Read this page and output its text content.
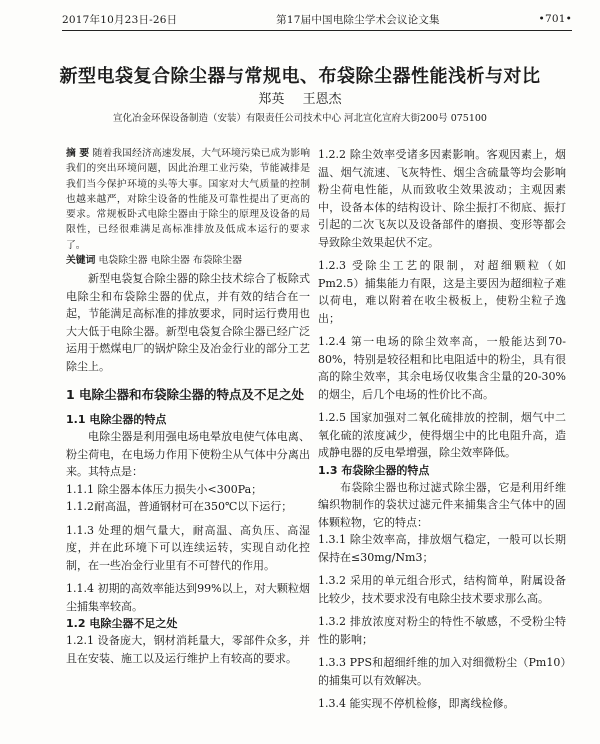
2017年10月23日-26日	第17届中国电除尘学术会议论文集	•701•
新型电袋复合除尘器与常规电、布袋除尘器性能浅析与对比
郑英 王恩杰
宣化冶金环保设备制造（安装）有限责任公司技术中心 河北宣化宣府大街200号 075100

摘 要 随着我国经济高速发展，大气环境污染已成为影响我们的突出环境问题，因此治理工业污染，节能减排是我们当今保护环境的头等大事。国家对大气质量的控制也越来越严，对除尘设备的性能及可靠性提出了更高的要求。常规板卧式电除尘器由于除尘的原理及设备的局限性，已经很难满足高标准排放及低成本运行的要求了。

关键词 电袋除尘器 电除尘器 布袋除尘器

新型电袋复合除尘器的除尘技术综合了板除式电除尘和布袋除尘器的优点，并有效的结合在一起，节能满足高标准的排放要求，同时运行费用也大大低于电除尘器。新型电袋复合除尘器已经广泛运用于燃煤电厂的锅炉除尘及冶金行业的部分工艺除尘上。

1 电除尘器和布袋除尘器的特点及不足之处

1.1 电除尘器的特点

电除尘器是利用强电场电晕放电使气体电离、粉尘荷电，在电场力作用下使粉尘从气体中分离出来。其特点是：

1.1.1 除尘器本体压力损失小<300Pa；

1.1.2耐高温，普通钢材可在350℃以下运行；

1.1.3 处理的烟气量大，耐高温、高负压、高湿度，并在此环境下可以连续运转，实现自动化控制，在一些冶金行业里有不可替代的作用。

1.1.4 初期的高效率能达到99%以上，对大颗粒烟尘捕集率较高。

1.2 电除尘器不足之处

1.2.1 设备庞大，钢材消耗量大，零部件众多，并且在安装、施工以及运行维护上有较高的要求。

1.2.2 除尘效率受诸多因素影响。客观因素上，烟温、烟气流速、飞灰特性、烟尘含硫量等均会影响粉尘荷电性能，从而致收尘效果波动；主观因素中，设备本体的结构设计、除尘振打不彻底、振打引起的二次飞灰以及设备部件的磨损、变形等都会导致除尘效果起伏不定。

1.2.3 受除尘工艺的限制，对超细颗粒（如Pm2.5）捕集能力有限，这是主要因为超细粒子难以荷电，难以附着在收尘极板上，使粉尘粒子逸出；

1.2.4 第一电场的除尘效率高，一般能达到70-80%，特别是较径粗和比电阻适中的粉尘，具有很高的除尘效率，其余电场仅收集含尘量的20-30%的烟尘，后几个电场的性价比不高。

1.2.5 国家加强对二氧化硫排放的控制，烟气中二氧化硫的浓度减少，使得烟尘中的比电阻升高，造成静电器的反电晕增强，除尘效率降低。

1.3 布袋除尘器的特点

布袋除尘器也称过滤式除尘器，它是利用纤维编织物制作的袋状过滤元件来捕集含尘气体中的固体颗粒物，它的特点：

1.3.1 除尘效率高，排放烟气稳定，一般可以长期保持在≤30mg/Nm3；

1.3.2 采用的单元组合形式，结构简单，附属设备比较少，技术要求没有电除尘技术要求那么高。

1.3.2 排放浓度对粉尘的特性不敏感，不受粉尘特性的影响；

1.3.3 PPS和超细纤维的加入对细微粉尘（Pm10）的捕集可以有效解决。

1.3.4 能实现不停机检修，即离线检修。
